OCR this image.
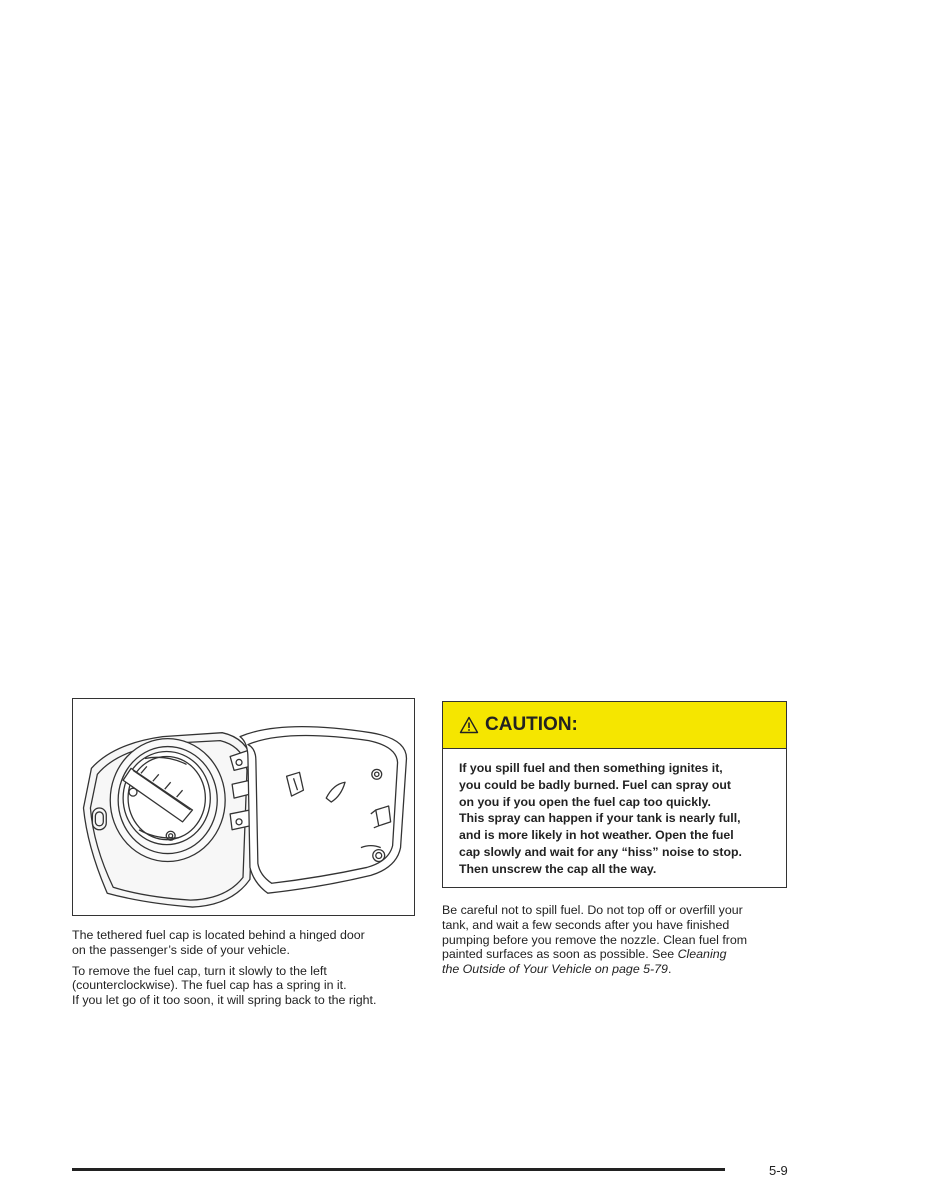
The tethered fuel cap is located behind a hinged door
on the passenger’s side of your vehicle.

To remove the fuel cap, turn it slowly to the left
(counterclockwise). The fuel cap has a spring in it.
If you let go of it too soon, it will spring back to the right.

CAUTION:
If you spill fuel and then something ignites it,
you could be badly burned. Fuel can spray out
on you if you open the fuel cap too quickly.
This spray can happen if your tank is nearly full,
and is more likely in hot weather. Open the fuel
cap slowly and wait for any “hiss” noise to stop.
Then unscrew the cap all the way.

Be careful not to spill fuel. Do not top off or overfill your
tank, and wait a few seconds after you have finished
pumping before you remove the nozzle. Clean fuel from
painted surfaces as soon as possible. See Cleaning
the Outside of Your Vehicle on page 5-79.

5-9
